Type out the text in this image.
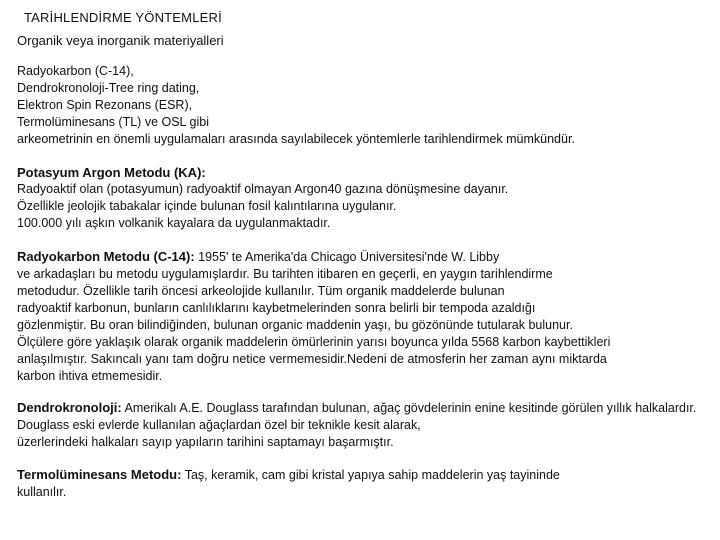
TARİHLENDİRME YÖNTEMLERİ
Organik veya inorganik materiyalleri
Radyokarbon (C-14),
Dendrokronoloji-Tree ring dating,
Elektron Spin Rezonans (ESR),
Termolüminesans (TL) ve OSL gibi
arkeometrinin en önemli uygulamaları arasında sayılabilecek yöntemlerle tarihlendirmek mümkündür.
Potasyum Argon Metodu (KA):
Radyoaktif olan (potasyumun) radyoaktif olmayan Argon40 gazına dönüşmesine dayanır.
Özellikle jeolojik tabakalar içinde bulunan fosil kalıntılarına uygulanır.
100.000 yılı aşkın volkanik kayalara da uygulanmaktadır.
Radyokarbon Metodu (C-14): 1955' te Amerika'da Chicago Üniversitesi'nde W. Libby
ve arkadaşları bu metodu uygulamışlardır. Bu tarihten itibaren en geçerli, en yaygın tarihlendirme
metodudur. Özellikle tarih öncesi arkeolojide kullanılır. Tüm organik maddelerde bulunan
radyoaktif karbonun, bunların canlılıklarını kaybetmelerinden sonra belirli bir tempoda azaldığı
gözlenmiştir. Bu oran bilindiğinden, bulunan organic maddenin yaşı, bu gözönünde tutularak bulunur.
Ölçülere göre yaklaşık olarak organik maddelerin ömürlerinin yarısı boyunca yılda 5568 karbon kaybettikleri
anlaşılmıştır. Sakıncalı yanı tam doğru netice vermemesidir.Nedeni de atmosferin her zaman aynı miktarda
karbon ihtiva etmemesidir.
Dendrokronoloji: Amerikalı A.E. Douglass tarafından bulunan, ağaç gövdelerinin enine kesitinde görülen yıllık halkalardır.
Douglass eski evlerde kullanılan ağaçlardan özel bir teknikle kesit alarak,
üzerlerindeki halkaları sayıp yapıların tarihini saptamayı başarmıştır.
Termolüminesans Metodu: Taş, keramik, cam gibi kristal yapıya sahip maddelerin yaş tayininde
kullanılır.
